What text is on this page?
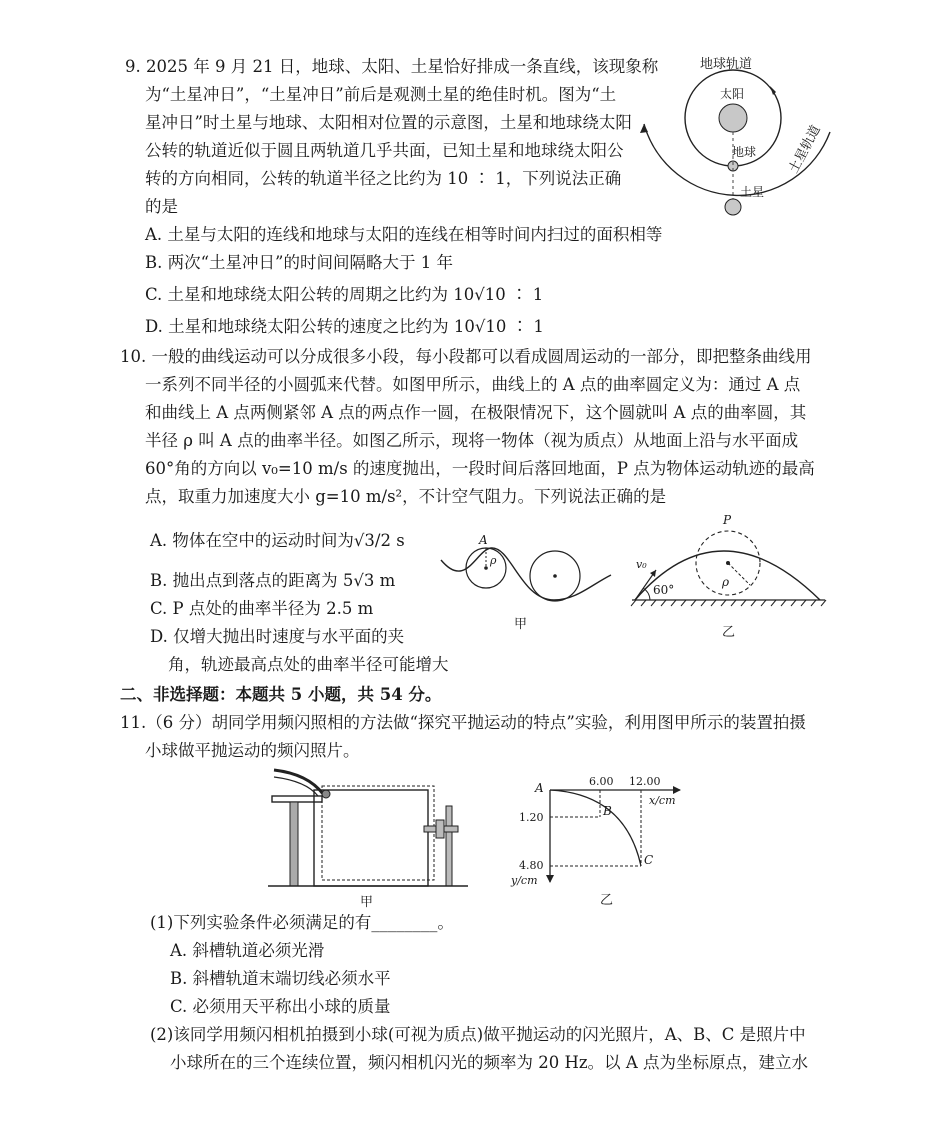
9. 2025 年 9 月 21 日，地球、太阳、土星恰好排成一条直线，该现象称
为“土星冲日”，“土星冲日”前后是观测土星的绝佳时机。图为“土
星冲日”时土星与地球、太阳相对位置的示意图，土星和地球绕太阳
公转的轨道近似于圆且两轨道几乎共面，已知土星和地球绕太阳公
转的方向相同，公转的轨道半径之比约为 10 ∶ 1，下列说法正确
的是
A. 土星与太阳的连线和地球与太阳的连线在相等时间内扫过的面积相等
B. 两次“土星冲日”的时间间隔略大于 1 年
C. 土星和地球绕太阳公转的周期之比约为 10√10 ∶ 1
D. 土星和地球绕太阳公转的速度之比约为 10√10 ∶ 1
地球轨道
太阳
地球
土星
土星轨道
10. 一般的曲线运动可以分成很多小段，每小段都可以看成圆周运动的一部分，即把整条曲线用
一系列不同半径的小圆弧来代替。如图甲所示，曲线上的 A 点的曲率圆定义为：通过 A 点
和曲线上 A 点两侧紧邻 A 点的两点作一圆，在极限情况下，这个圆就叫 A 点的曲率圆，其
半径 ρ 叫 A 点的曲率半径。如图乙所示，现将一物体（视为质点）从地面上沿与水平面成
60°角的方向以 v₀=10 m/s 的速度抛出，一段时间后落回地面，P 点为物体运动轨迹的最高
点，取重力加速度大小 g=10 m/s²，不计空气阻力。下列说法正确的是
A. 物体在空中的运动时间为√3/2 s
B. 抛出点到落点的距离为 5√3 m
C. P 点处的曲率半径为 2.5 m
D. 仅增大抛出时速度与水平面的夹
角，轨迹最高点处的曲率半径可能增大
A
ρ
甲
v₀
60°
P
ρ
乙
二、非选择题：本题共 5 小题，共 54 分。
11.（6 分）胡同学用频闪照相的方法做“探究平抛运动的特点”实验，利用图甲所示的装置拍摄
小球做平抛运动的频闪照片。
甲
A
B
C
6.00 12.00
x/cm
1.20
4.80
y/cm
乙
(1)下列实验条件必须满足的有________。
A. 斜槽轨道必须光滑
B. 斜槽轨道末端切线必须水平
C. 必须用天平称出小球的质量
(2)该同学用频闪相机拍摄到小球(可视为质点)做平抛运动的闪光照片，A、B、C 是照片中
小球所在的三个连续位置，频闪相机闪光的频率为 20 Hz。以 A 点为坐标原点，建立水
